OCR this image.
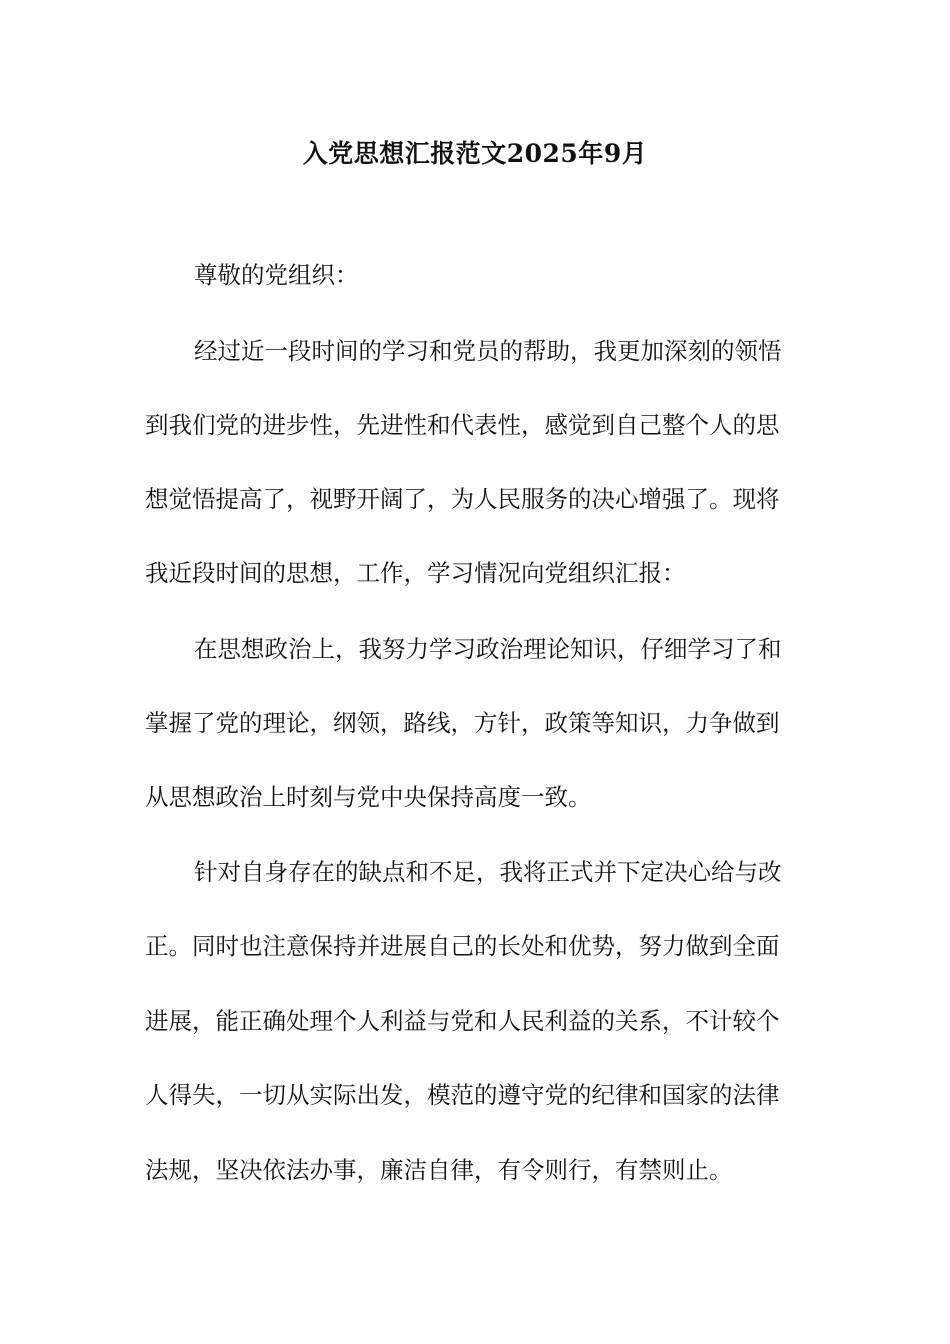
入党思想汇报范文2025年9月
尊敬的党组织：
经过近一段时间的学习和党员的帮助，我更加深刻的领悟
到我们党的进步性，先进性和代表性，感觉到自己整个人的思
想觉悟提高了，视野开阔了，为人民服务的决心增强了。现将
我近段时间的思想，工作，学习情况向党组织汇报：
在思想政治上，我努力学习政治理论知识，仔细学习了和
掌握了党的理论，纲领，路线，方针，政策等知识，力争做到
从思想政治上时刻与党中央保持高度一致。
针对自身存在的缺点和不足，我将正式并下定决心给与改
正。同时也注意保持并进展自己的长处和优势，努力做到全面
进展，能正确处理个人利益与党和人民利益的关系，不计较个
人得失，一切从实际出发，模范的遵守党的纪律和国家的法律
法规，坚决依法办事，廉洁自律，有令则行，有禁则止。
